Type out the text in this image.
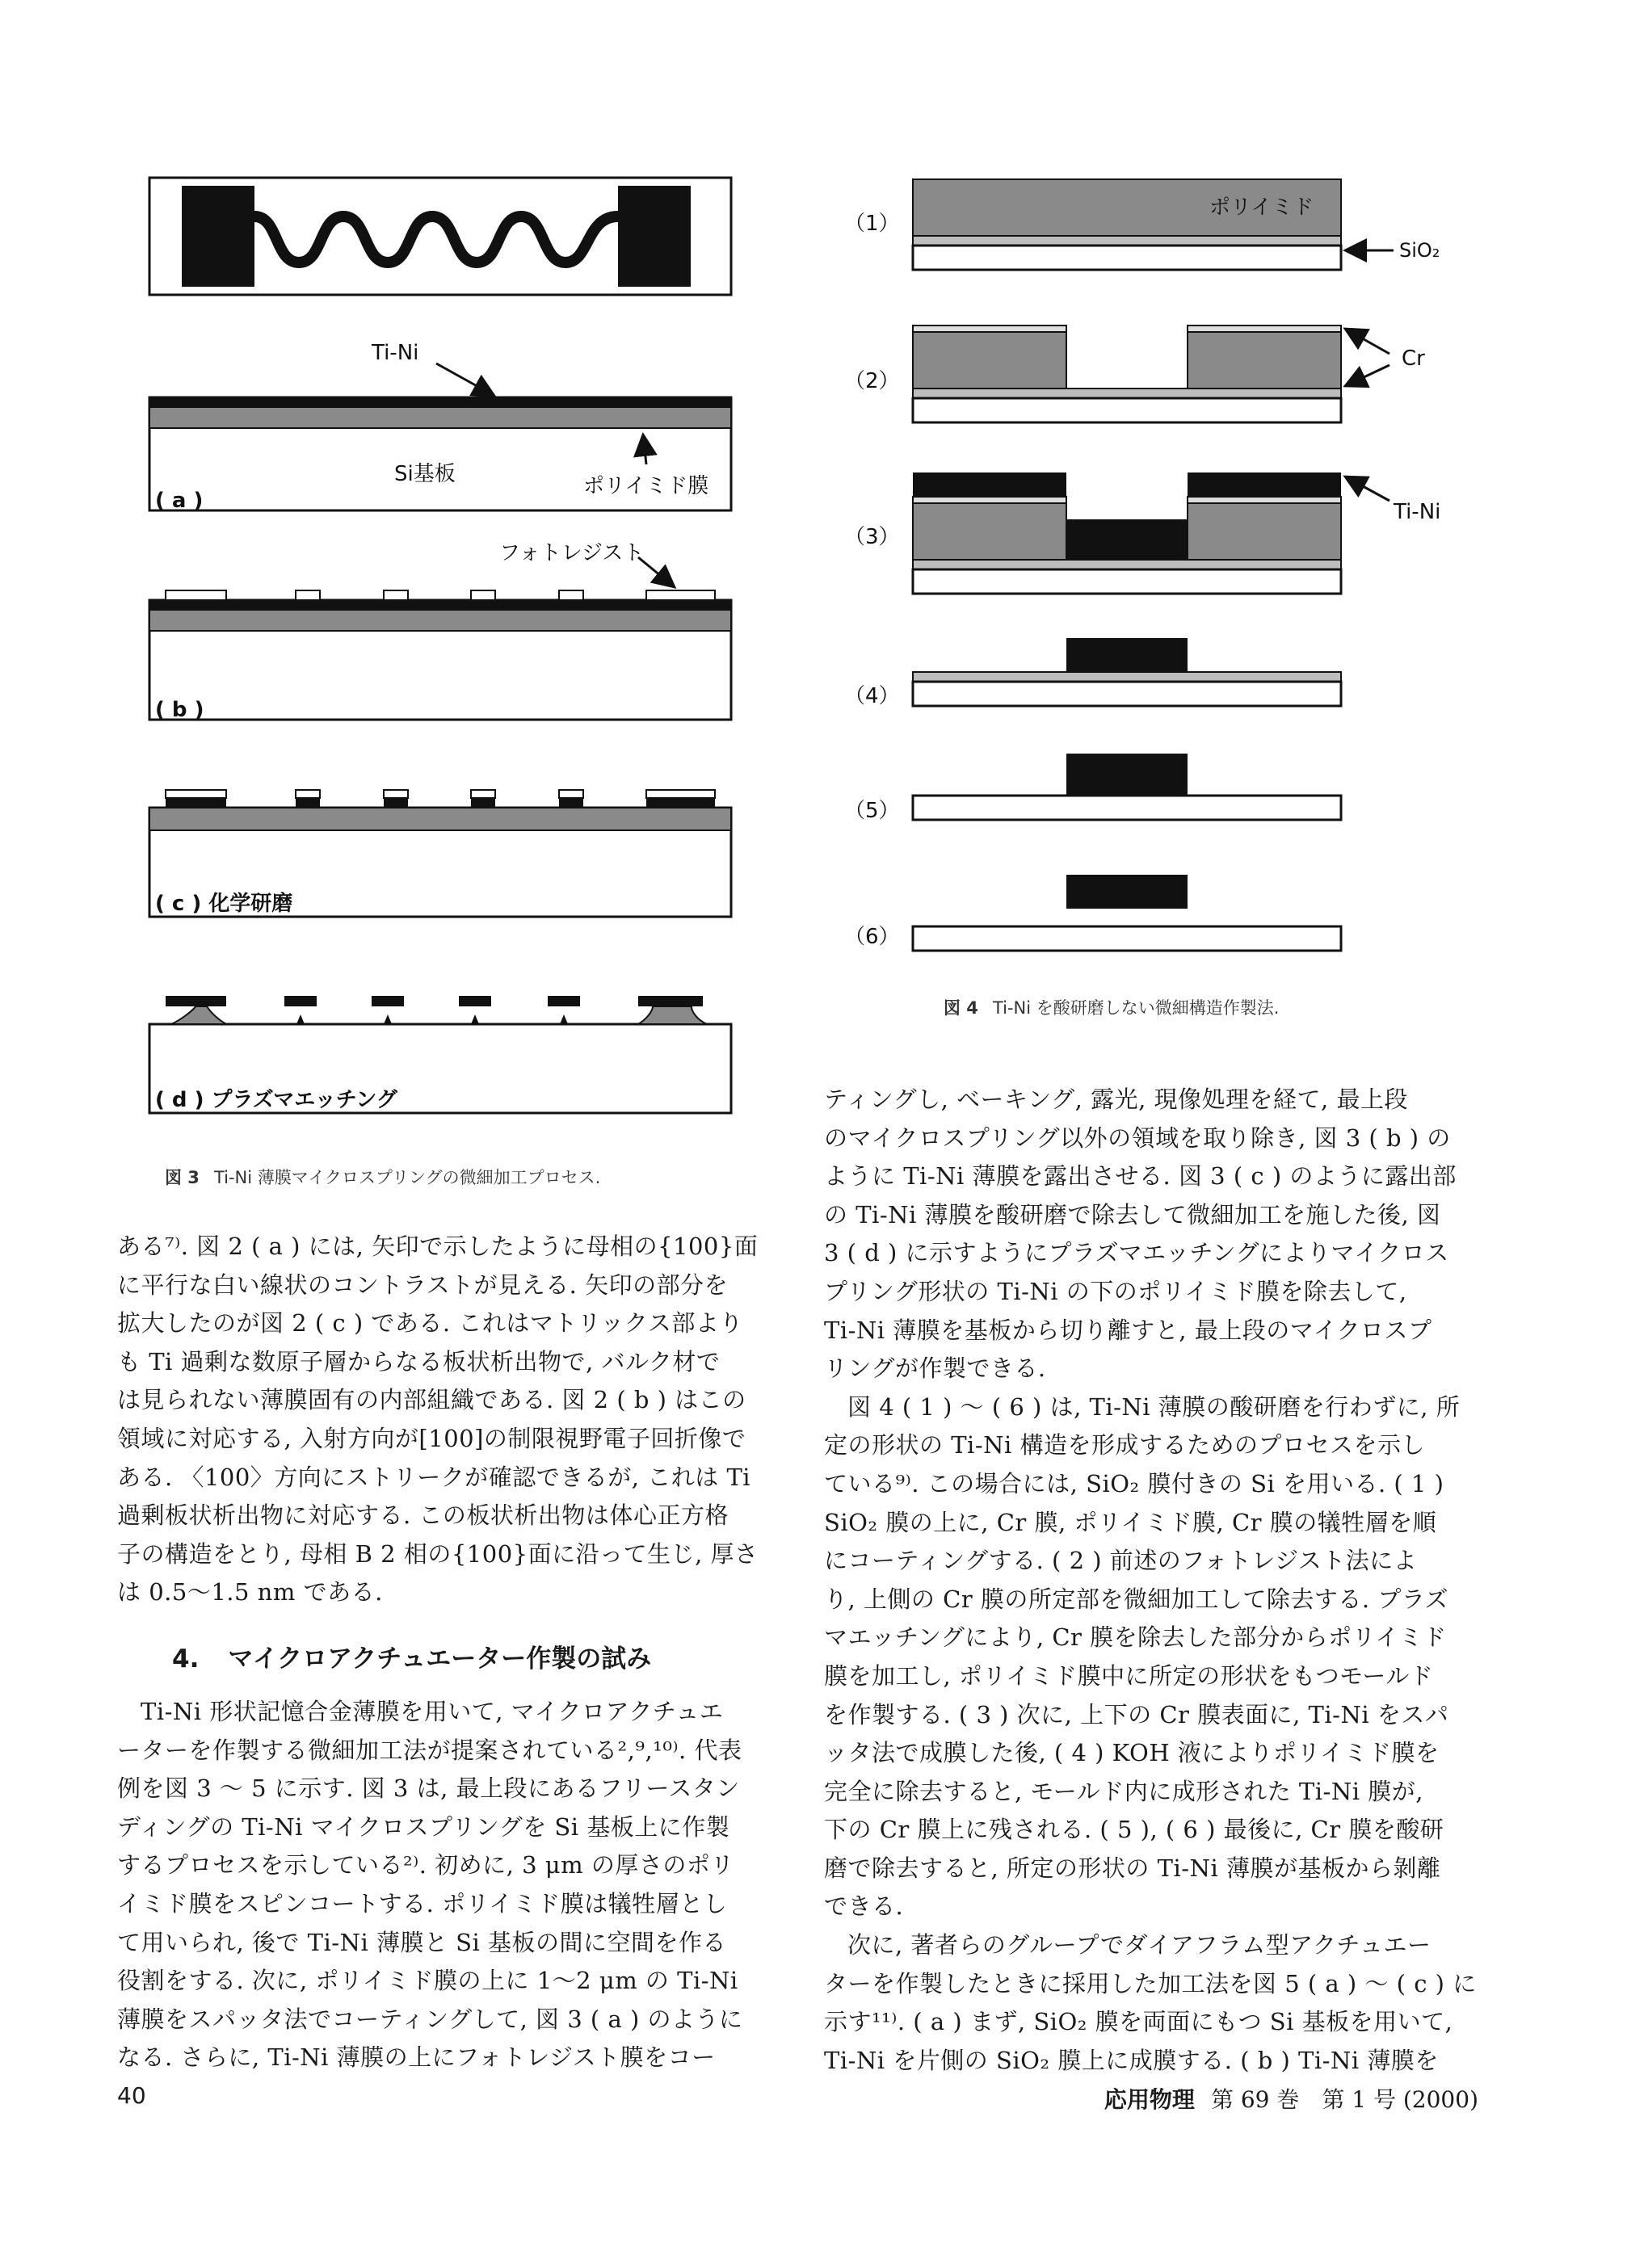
Ti-Ni
Si基板	ポリイミド膜
( a )
フォトレジスト
( b )
( c ) 化学研磨
( d ) プラズマエッチング
（1）
（2）
（3）
（4）
（5）
（6）
ポリイミド
SiO₂
Cr
Ti-Ni
図 3 Ti-Ni 薄膜マイクロスプリングの微細加工プロセス.
図 4 Ti-Ni を酸研磨しない微細構造作製法.

ある⁷⁾. 図 2 ( a ) には, 矢印で示したように母相の{100}面

に平行な白い線状のコントラストが見える. 矢印の部分を

拡大したのが図 2 ( c ) である. これはマトリックス部より

も Ti 過剰な数原子層からなる板状析出物で, バルク材で

は見られない薄膜固有の内部組織である. 図 2 ( b ) はこの

領域に対応する, 入射方向が[100]の制限視野電子回折像で

ある. 〈100〉方向にストリークが確認できるが, これは Ti

過剰板状析出物に対応する. この板状析出物は体心正方格

子の構造をとり, 母相 B 2 相の{100}面に沿って生じ, 厚さ

は 0.5〜1.5 nm である.

4. マイクロアクチュエーター作製の試み

Ti-Ni 形状記憶合金薄膜を用いて, マイクロアクチュエ

ーターを作製する微細加工法が提案されている²,⁹,¹⁰⁾. 代表

例を図 3 〜 5 に示す. 図 3 は, 最上段にあるフリースタン

ディングの Ti-Ni マイクロスプリングを Si 基板上に作製

するプロセスを示している²⁾. 初めに, 3 μm の厚さのポリ

イミド膜をスピンコートする. ポリイミド膜は犠牲層とし

て用いられ, 後で Ti-Ni 薄膜と Si 基板の間に空間を作る

役割をする. 次に, ポリイミド膜の上に 1〜2 μm の Ti-Ni

薄膜をスパッタ法でコーティングして, 図 3 ( a ) のように

なる. さらに, Ti-Ni 薄膜の上にフォトレジスト膜をコー

ティングし, ベーキング, 露光, 現像処理を経て, 最上段

のマイクロスプリング以外の領域を取り除き, 図 3 ( b ) の

ように Ti-Ni 薄膜を露出させる. 図 3 ( c ) のように露出部

の Ti-Ni 薄膜を酸研磨で除去して微細加工を施した後, 図

3 ( d ) に示すようにプラズマエッチングによりマイクロス

プリング形状の Ti-Ni の下のポリイミド膜を除去して,

Ti-Ni 薄膜を基板から切り離すと, 最上段のマイクロスプ

リングが作製できる.

図 4 ( 1 ) 〜 ( 6 ) は, Ti-Ni 薄膜の酸研磨を行わずに, 所

定の形状の Ti-Ni 構造を形成するためのプロセスを示し

ている⁹⁾. この場合には, SiO₂ 膜付きの Si を用いる. ( 1 )

SiO₂ 膜の上に, Cr 膜, ポリイミド膜, Cr 膜の犠牲層を順

にコーティングする. ( 2 ) 前述のフォトレジスト法によ

り, 上側の Cr 膜の所定部を微細加工して除去する. プラズ

マエッチングにより, Cr 膜を除去した部分からポリイミド

膜を加工し, ポリイミド膜中に所定の形状をもつモールド

を作製する. ( 3 ) 次に, 上下の Cr 膜表面に, Ti-Ni をスパ

ッタ法で成膜した後, ( 4 ) KOH 液によりポリイミド膜を

完全に除去すると, モールド内に成形された Ti-Ni 膜が,

下の Cr 膜上に残される. ( 5 ), ( 6 ) 最後に, Cr 膜を酸研

磨で除去すると, 所定の形状の Ti-Ni 薄膜が基板から剝離

できる.

次に, 著者らのグループでダイアフラム型アクチュエー

ターを作製したときに採用した加工法を図 5 ( a ) 〜 ( c ) に

示す¹¹⁾. ( a ) まず, SiO₂ 膜を両面にもつ Si 基板を用いて,

Ti-Ni を片側の SiO₂ 膜上に成膜する. ( b ) Ti-Ni 薄膜を

40	応用物理 第 69 巻　第 1 号 (2000)
